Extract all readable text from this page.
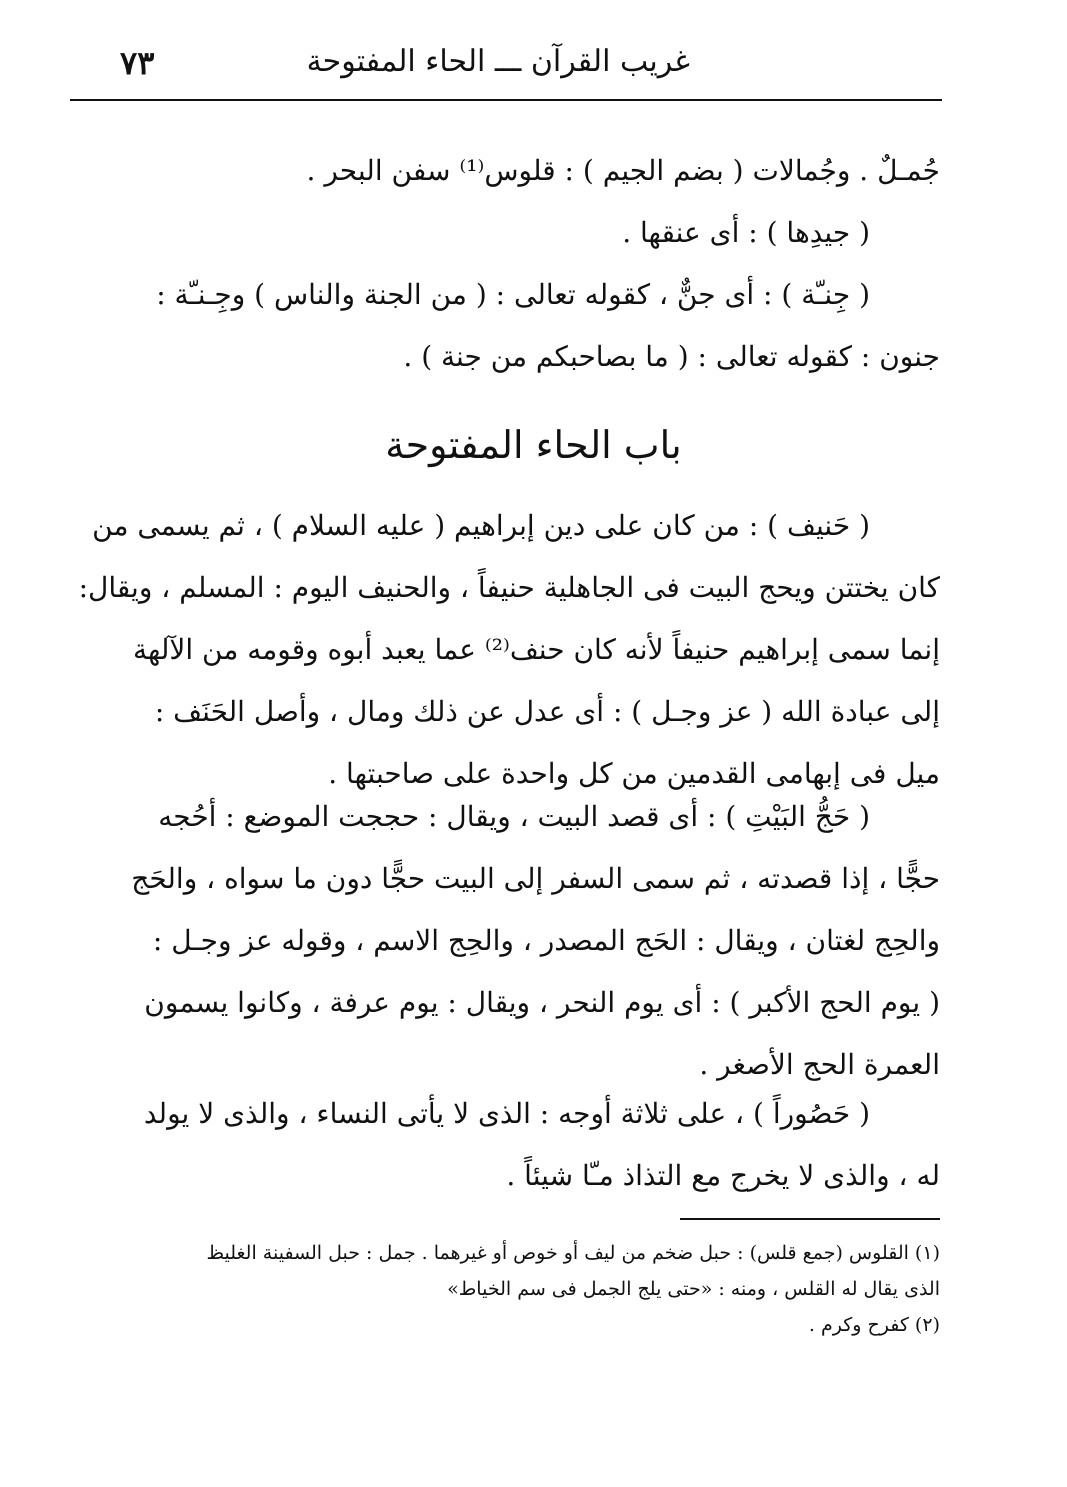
٧٣	غريب القرآن ـــ الحاء المفتوحة
جُمـلٌ . وجُمالات ( بضم الجيم ) : قلوس⁽¹⁾ سفن البحر .
( جيدِها ) : أى عنقها .
( جِنـّة ) : أى جنٌّ ، كقوله تعالى : ( من الجنة والناس ) وجِـنـّة :
جنون : كقوله تعالى : ( ما بصاحبكم من جنة ) .
باب الحاء المفتوحة
( حَنيف ) : من كان على دين إبراهيم ( عليه السلام ) ، ثم يسمى من
كان يختتن ويحج البيت فى الجاهلية حنيفاً ، والحنيف اليوم : المسلم ، ويقال:
إنما سمى إبراهيم حنيفاً لأنه كان حنف⁽²⁾ عما يعبد أبوه وقومه من الآلهة
إلى عبادة الله ( عز وجـل ) : أى عدل عن ذلك ومال ، وأصل الحَنَف :
ميل فى إبهامى القدمين من كل واحدة على صاحبتها .
( حَجُّ البَيْتِ ) : أى قصد البيت ، ويقال : حججت الموضع : أحُجه
حجًّا ، إذا قصدته ، ثم سمى السفر إلى البيت حجًّا دون ما سواه ، والحَج
والحِج لغتان ، ويقال : الحَج المصدر ، والحِج الاسم ، وقوله عز وجـل :
( يوم الحج الأكبر ) : أى يوم النحر ، ويقال : يوم عرفة ، وكانوا يسمون
العمرة الحج الأصغر .
( حَصُوراً ) ، على ثلاثة أوجه : الذى لا يأتى النساء ، والذى لا يولد
له ، والذى لا يخرج مع التذاذ مـّا شيئاً .
(١) القلوس (جمع قلس) : حبل ضخم من ليف أو خوص أو غيرهما . جمل : حبل السفينة الغليظ
الذى يقال له القلس ، ومنه : «حتى يلج الجمل فى سم الخياط»
(٢) كفرح وكرم .
